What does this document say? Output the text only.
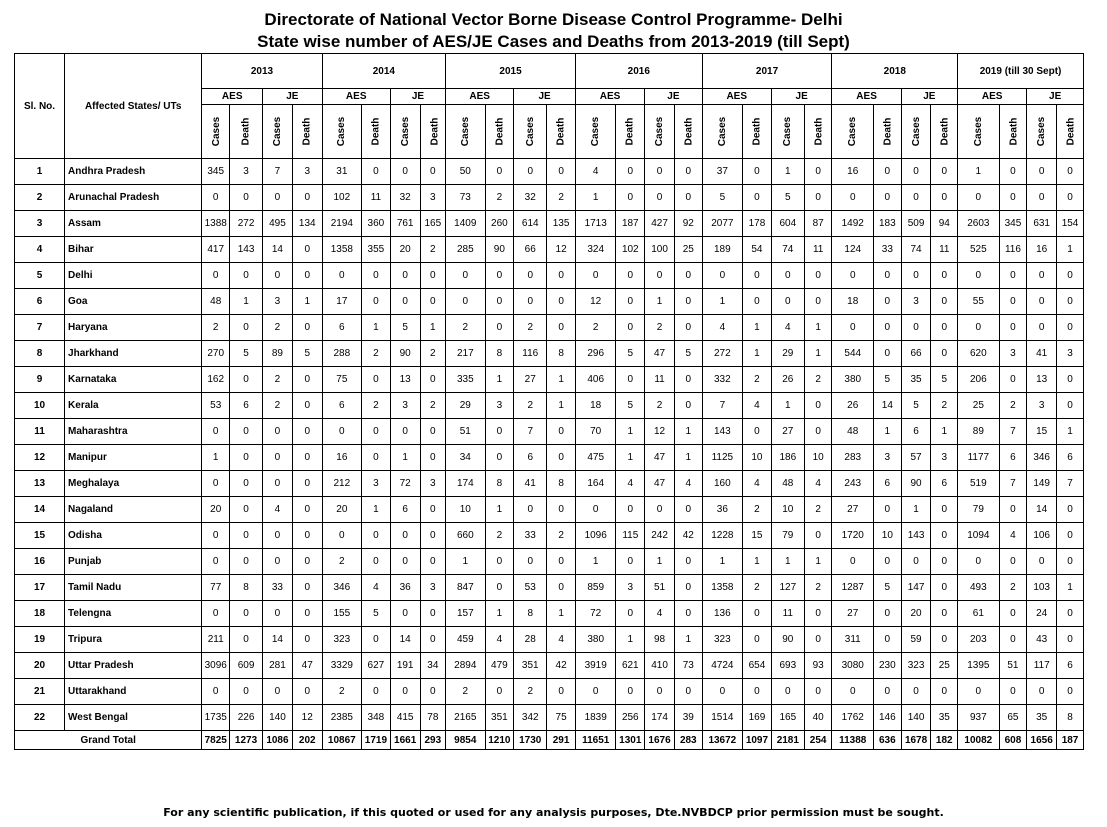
Directorate of National Vector Borne Disease Control Programme- Delhi
State wise number of AES/JE Cases and Deaths from 2013-2019 (till Sept)
Sl. No.	Affected States/ UTs	2013				2014				2015				2016				2017				2018				2019 (till 30 Sept)			
		AES		JE		AES		JE		AES		JE		AES		JE		AES		JE		AES		JE		AES		JE	
		Cases	Death	Cases	Death	Cases	Death	Cases	Death	Cases	Death	Cases	Death	Cases	Death	Cases	Death	Cases	Death	Cases	Death	Cases	Death	Cases	Death	Cases	Death	Cases	Death
1	Andhra Pradesh	345	3	7	3	31	0	0	0	50	0	0	0	4	0	0	0	37	0	1	0	16	0	0	0	1	0	0	0
2	Arunachal Pradesh	0	0	0	0	102	11	32	3	73	2	32	2	1	0	0	0	5	0	5	0	0	0	0	0	0	0	0	0
3	Assam	1388	272	495	134	2194	360	761	165	1409	260	614	135	1713	187	427	92	2077	178	604	87	1492	183	509	94	2603	345	631	154
4	Bihar	417	143	14	0	1358	355	20	2	285	90	66	12	324	102	100	25	189	54	74	11	124	33	74	11	525	116	16	1
5	Delhi	0	0	0	0	0	0	0	0	0	0	0	0	0	0	0	0	0	0	0	0	0	0	0	0	0	0	0	0
6	Goa	48	1	3	1	17	0	0	0	0	0	0	0	12	0	1	0	1	0	0	0	18	0	3	0	55	0	0	0
7	Haryana	2	0	2	0	6	1	5	1	2	0	2	0	2	0	2	0	4	1	4	1	0	0	0	0	0	0	0	0
8	Jharkhand	270	5	89	5	288	2	90	2	217	8	116	8	296	5	47	5	272	1	29	1	544	0	66	0	620	3	41	3
9	Karnataka	162	0	2	0	75	0	13	0	335	1	27	1	406	0	11	0	332	2	26	2	380	5	35	5	206	0	13	0
10	Kerala	53	6	2	0	6	2	3	2	29	3	2	1	18	5	2	0	7	4	1	0	26	14	5	2	25	2	3	0
11	Maharashtra	0	0	0	0	0	0	0	0	51	0	7	0	70	1	12	1	143	0	27	0	48	1	6	1	89	7	15	1
12	Manipur	1	0	0	0	16	0	1	0	34	0	6	0	475	1	47	1	1125	10	186	10	283	3	57	3	1177	6	346	6
13	Meghalaya	0	0	0	0	212	3	72	3	174	8	41	8	164	4	47	4	160	4	48	4	243	6	90	6	519	7	149	7
14	Nagaland	20	0	4	0	20	1	6	0	10	1	0	0	0	0	0	0	36	2	10	2	27	0	1	0	79	0	14	0
15	Odisha	0	0	0	0	0	0	0	0	660	2	33	2	1096	115	242	42	1228	15	79	0	1720	10	143	0	1094	4	106	0
16	Punjab	0	0	0	0	2	0	0	0	1	0	0	0	1	0	1	0	1	1	1	1	0	0	0	0	0	0	0	0
17	Tamil Nadu	77	8	33	0	346	4	36	3	847	0	53	0	859	3	51	0	1358	2	127	2	1287	5	147	0	493	2	103	1
18	Telengna	0	0	0	0	155	5	0	0	157	1	8	1	72	0	4	0	136	0	11	0	27	0	20	0	61	0	24	0
19	Tripura	211	0	14	0	323	0	14	0	459	4	28	4	380	1	98	1	323	0	90	0	311	0	59	0	203	0	43	0
20	Uttar Pradesh	3096	609	281	47	3329	627	191	34	2894	479	351	42	3919	621	410	73	4724	654	693	93	3080	230	323	25	1395	51	117	6
21	Uttarakhand	0	0	0	0	2	0	0	0	2	0	2	0	0	0	0	0	0	0	0	0	0	0	0	0	0	0	0	0
22	West Bengal	1735	226	140	12	2385	348	415	78	2165	351	342	75	1839	256	174	39	1514	169	165	40	1762	146	140	35	937	65	35	8
Grand Total		7825	1273	1086	202	10867	1719	1661	293	9854	1210	1730	291	11651	1301	1676	283	13672	1097	2181	254	11388	636	1678	182	10082	608	1656	187
For any scientific publication, if this quoted or used for any analysis purposes, Dte.NVBDCP prior permission must be sought.
